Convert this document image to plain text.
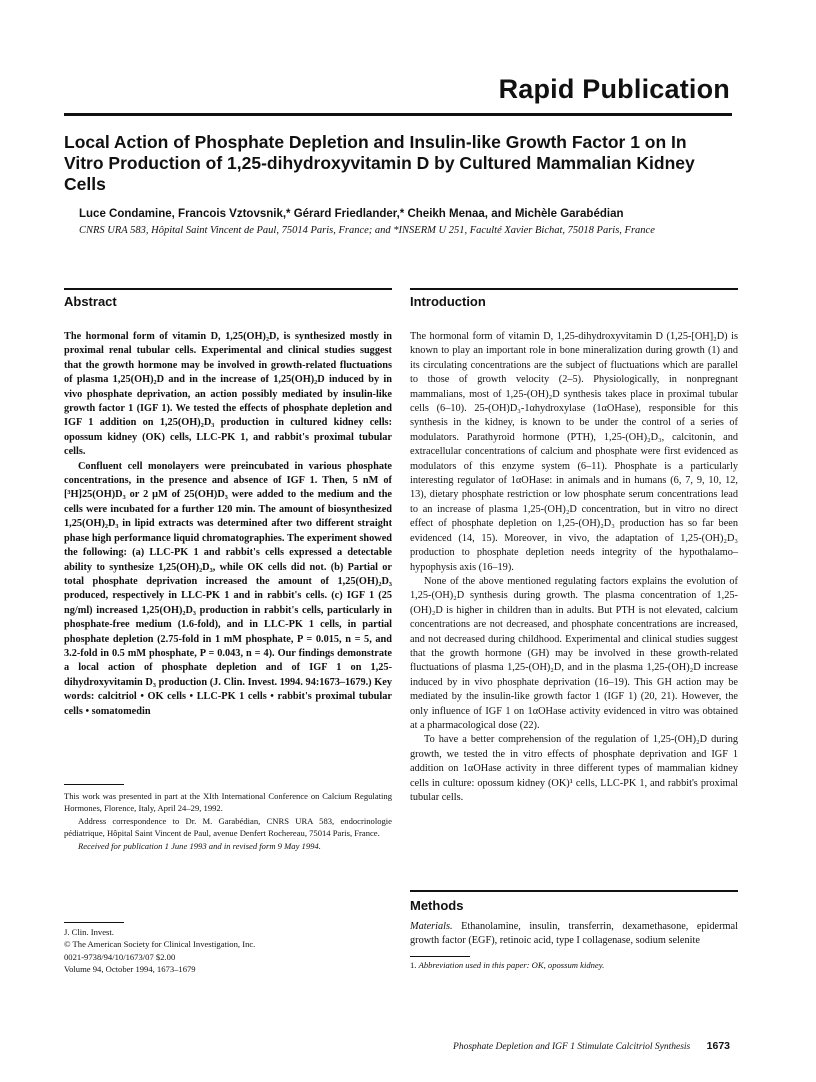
Rapid Publication
Local Action of Phosphate Depletion and Insulin-like Growth Factor 1 on In Vitro Production of 1,25-dihydroxyvitamin D by Cultured Mammalian Kidney Cells
Luce Condamine, Francois Vztovsnik,* Gérard Friedlander,* Cheikh Menaa, and Michèle Garabédian
CNRS URA 583, Hôpital Saint Vincent de Paul, 75014 Paris, France; and *INSERM U 251, Faculté Xavier Bichat, 75018 Paris, France
Abstract

The hormonal form of vitamin D, 1,25(OH)₂D, is synthesized mostly in proximal renal tubular cells. Experimental and clinical studies suggest that the growth hormone may be involved in growth-related fluctuations of plasma 1,25(OH)₂D and in the increase of 1,25(OH)₂D induced by in vivo phosphate deprivation, an action possibly mediated by insulin-like growth factor 1 (IGF 1). We tested the effects of phosphate depletion and IGF 1 addition on 1,25(OH)₂D₃ production in cultured kidney cells: opossum kidney (OK) cells, LLC-PK 1, and rabbit's proximal tubular cells.

Confluent cell monolayers were preincubated in various phosphate concentrations, in the presence and absence of IGF 1. Then, 5 nM of [³H]25(OH)D₃ or 2 μM of 25(OH)D₃ were added to the medium and the cells were incubated for a further 120 min. The amount of biosynthesized 1,25(OH)₂D₃ in lipid extracts was determined after two different straight phase high performance liquid chromatographies. The experiment showed the following: (a) LLC-PK 1 and rabbit's cells expressed a detectable ability to synthesize 1,25(OH)₂D₃, while OK cells did not. (b) Partial or total phosphate deprivation increased the amount of 1,25(OH)₂D₃ produced, respectively in LLC-PK 1 and in rabbit's cells. (c) IGF 1 (25 ng/ml) increased 1,25(OH)₂D₃ production in rabbit's cells, particularly in phosphate-free medium (1.6-fold), and in LLC-PK 1 cells, in partial phosphate depletion (2.75-fold in 1 mM phosphate, P = 0.015, n = 5, and 3.2-fold in 0.5 mM phosphate, P = 0.043, n = 4). Our findings demonstrate a local action of phosphate depletion and of IGF 1 on 1,25-dihydroxyvitamin D₃ production (J. Clin. Invest. 1994. 94:1673–1679.) Key words: calcitriol • OK cells • LLC-PK 1 cells • rabbit's proximal tubular cells • somatomedin

This work was presented in part at the XIth International Conference on Calcium Regulating Hormones, Florence, Italy, April 24–29, 1992.

Address correspondence to Dr. M. Garabédian, CNRS URA 583, endocrinologie pédiatrique, Hôpital Saint Vincent de Paul, avenue Denfert Rochereau, 75014 Paris, France.

Received for publication 1 June 1993 and in revised form 9 May 1994.

J. Clin. Invest.
© The American Society for Clinical Investigation, Inc.
0021-9738/94/10/1673/07 $2.00
Volume 94, October 1994, 1673–1679
Introduction

The hormonal form of vitamin D, 1,25-dihydroxyvitamin D (1,25-[OH]₂D) is known to play an important role in bone mineralization during growth (1) and its circulating concentrations are the subject of fluctuations which are parallel to those of growth velocity (2–5). Physiologically, in nonpregnant mammalians, most of 1,25-(OH)₂D synthesis takes place in proximal tubular cells (6–10). 25-(OH)D₃-1αhydroxylase (1αOHase), responsible for this synthesis in the kidney, is known to be under the control of a series of modulators. Parathyroid hormone (PTH), 1,25-(OH)₂D₃, calcitonin, and extracellular concentrations of calcium and phosphate were first evidenced as modulators of this enzyme system (6–11). Phosphate is a particularly interesting regulator of 1αOHase: in animals and in humans (6, 7, 9, 10, 12, 13), dietary phosphate restriction or low phosphate serum concentrations lead to an increase of plasma 1,25-(OH)₂D concentration, but in vitro no direct effect of phosphate depletion on 1,25-(OH)₂D₃ production has so far been evidenced (14, 15). Moreover, in vivo, the adaptation of 1,25-(OH)₂D₃ production to phosphate depletion needs integrity of the hypothalamo–hypophysis axis (16–19).

None of the above mentioned regulating factors explains the evolution of 1,25-(OH)₂D synthesis during growth. The plasma concentration of 1,25-(OH)₂D is higher in children than in adults. But PTH is not elevated, calcium concentrations are not decreased, and phosphate concentrations are increased, and not decreased during childhood. Experimental and clinical studies suggest that the growth hormone (GH) may be involved in these growth-related fluctuations of plasma 1,25-(OH)₂D, and in the plasma 1,25-(OH)₂D increase induced by in vivo phosphate deprivation (16–19). This GH action may be mediated by the insulin-like growth factor 1 (IGF 1) (20, 21). However, the only influence of IGF 1 on 1αOHase activity evidenced in vitro was obtained at a pharmacological dose (22).

To have a better comprehension of the regulation of 1,25-(OH)₂D during growth, we tested the in vitro effects of phosphate deprivation and IGF 1 addition on 1αOHase activity in three different types of mammalian kidney cells in culture: opossum kidney (OK)¹ cells, LLC-PK 1, and rabbit's proximal tubular cells.

Methods

Materials. Ethanolamine, insulin, transferrin, dexamethasone, epidermal growth factor (EGF), retinoic acid, type I collagenase, sodium selenite

1. Abbreviation used in this paper: OK, opossum kidney.
Phosphate Depletion and IGF 1 Stimulate Calcitriol Synthesis 1673
